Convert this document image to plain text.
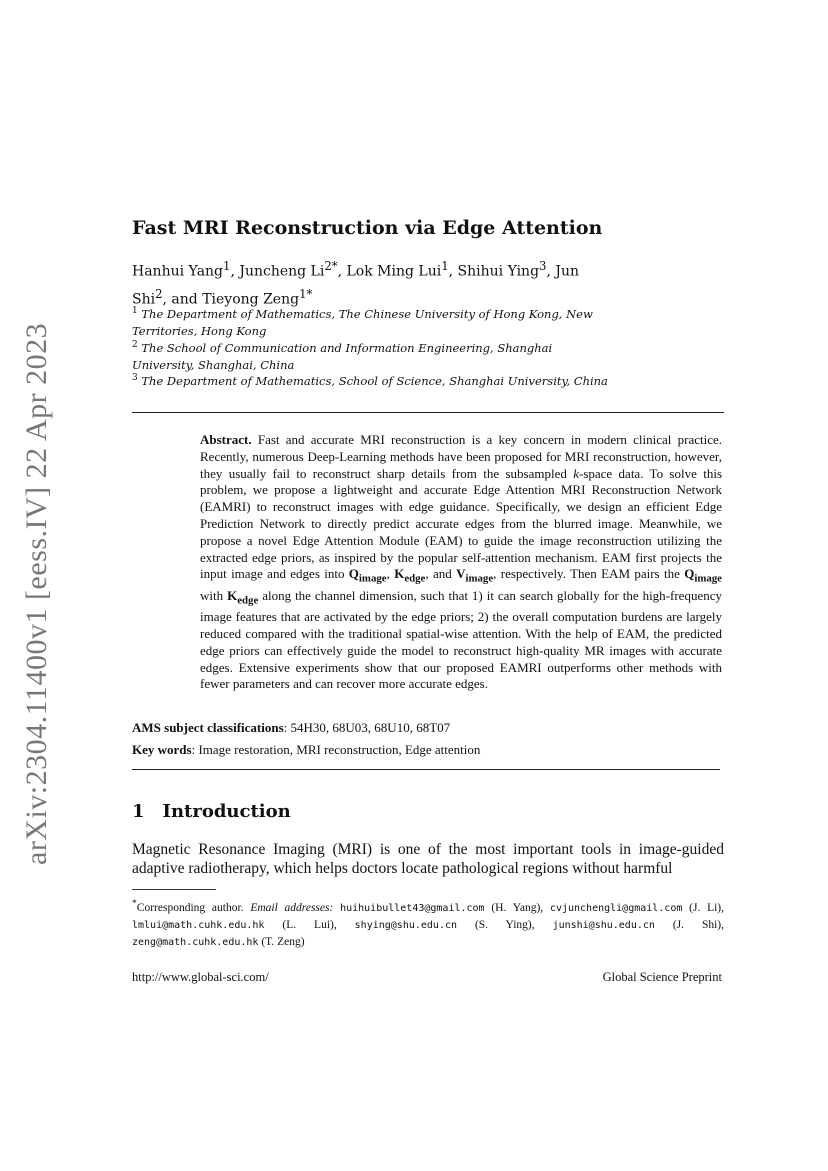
arXiv:2304.11400v1 [eess.IV] 22 Apr 2023
Fast MRI Reconstruction via Edge Attention
Hanhui Yang$^1$, Juncheng $Li^{2*}$, Lok Ming Lui$^1$, Shihui Ying$^3$, Jun Shi$^2$, and Tieyong Zeng$^{1*}$
$^1$ The Department of Mathematics, The Chinese University of Hong Kong, New Territories, Hong Kong
$^2$ The School of Communication and Information Engineering, Shanghai University, Shanghai, China
$^3$ The Department of Mathematics, School of Science, Shanghai University, China
Abstract. Fast and accurate MRI reconstruction is a key concern in modern clinical practice. Recently, numerous Deep-Learning methods have been proposed for MRI reconstruction, however, they usually fail to reconstruct sharp details from the subsampled k-space data. To solve this problem, we propose a lightweight and accurate Edge Attention MRI Reconstruction Network (EAMRI) to reconstruct images with edge guidance. Specifically, we design an efficient Edge Prediction Network to directly predict accurate edges from the blurred image. Meanwhile, we propose a novel Edge Attention Module (EAM) to guide the image reconstruction utilizing the extracted edge priors, as inspired by the popular self-attention mechanism. EAM first projects the input image and edges into $Q_{image}$, $K_{edge}$, and $V_{image}$, respectively. Then EAM pairs the $Q_{image}$ with $K_{edge}$ along the channel dimension, such that 1) it can search globally for the high-frequency image features that are activated by the edge priors; 2) the overall computation burdens are largely reduced compared with the traditional spatial-wise attention. With the help of EAM, the predicted edge priors can effectively guide the model to reconstruct high-quality MR images with accurate edges. Extensive experiments show that our proposed EAMRI outperforms other methods with fewer parameters and can recover more accurate edges.
AMS subject classifications: 54H30, 68U03, 68U10, 68T07
Key words: Image restoration, MRI reconstruction, Edge attention
1 Introduction
Magnetic Resonance Imaging (MRI) is one of the most important tools in image-guided adaptive radiotherapy, which helps doctors locate pathological regions without harmful
*Corresponding author. Email addresses: huihuibullet43@gmail.com (H. Yang), cvjunchengli@gmail.com (J. Li), lmlui@math.cuhk.edu.hk (L. Lui), shying@shu.edu.cn (S. Ying), junshi@shu.edu.cn (J. Shi), zeng@math.cuhk.edu.hk (T. Zeng)
http://www.global-sci.com/	Global Science Preprint
